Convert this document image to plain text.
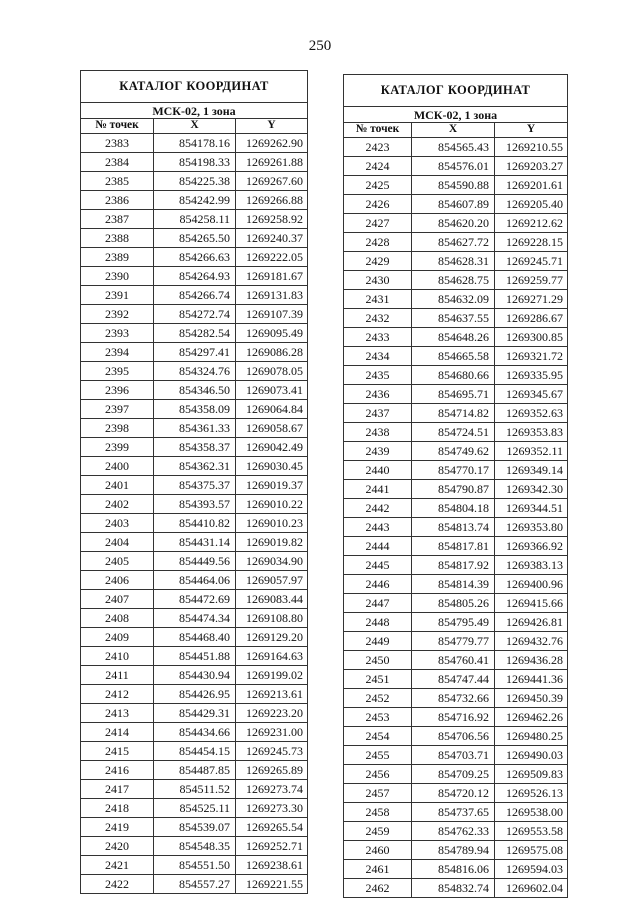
250
КАТАЛОГ КООРДИНАТ		
МСК-02, 1 зона		
№ точек	X	Y
2383	854178.16	1269262.90
2384	854198.33	1269261.88
2385	854225.38	1269267.60
2386	854242.99	1269266.88
2387	854258.11	1269258.92
2388	854265.50	1269240.37
2389	854266.63	1269222.05
2390	854264.93	1269181.67
2391	854266.74	1269131.83
2392	854272.74	1269107.39
2393	854282.54	1269095.49
2394	854297.41	1269086.28
2395	854324.76	1269078.05
2396	854346.50	1269073.41
2397	854358.09	1269064.84
2398	854361.33	1269058.67
2399	854358.37	1269042.49
2400	854362.31	1269030.45
2401	854375.37	1269019.37
2402	854393.57	1269010.22
2403	854410.82	1269010.23
2404	854431.14	1269019.82
2405	854449.56	1269034.90
2406	854464.06	1269057.97
2407	854472.69	1269083.44
2408	854474.34	1269108.80
2409	854468.40	1269129.20
2410	854451.88	1269164.63
2411	854430.94	1269199.02
2412	854426.95	1269213.61
2413	854429.31	1269223.20
2414	854434.66	1269231.00
2415	854454.15	1269245.73
2416	854487.85	1269265.89
2417	854511.52	1269273.74
2418	854525.11	1269273.30
2419	854539.07	1269265.54
2420	854548.35	1269252.71
2421	854551.50	1269238.61
2422	854557.27	1269221.55
КАТАЛОГ КООРДИНАТ		
МСК-02, 1 зона		
№ точек	X	Y
2423	854565.43	1269210.55
2424	854576.01	1269203.27
2425	854590.88	1269201.61
2426	854607.89	1269205.40
2427	854620.20	1269212.62
2428	854627.72	1269228.15
2429	854628.31	1269245.71
2430	854628.75	1269259.77
2431	854632.09	1269271.29
2432	854637.55	1269286.67
2433	854648.26	1269300.85
2434	854665.58	1269321.72
2435	854680.66	1269335.95
2436	854695.71	1269345.67
2437	854714.82	1269352.63
2438	854724.51	1269353.83
2439	854749.62	1269352.11
2440	854770.17	1269349.14
2441	854790.87	1269342.30
2442	854804.18	1269344.51
2443	854813.74	1269353.80
2444	854817.81	1269366.92
2445	854817.92	1269383.13
2446	854814.39	1269400.96
2447	854805.26	1269415.66
2448	854795.49	1269426.81
2449	854779.77	1269432.76
2450	854760.41	1269436.28
2451	854747.44	1269441.36
2452	854732.66	1269450.39
2453	854716.92	1269462.26
2454	854706.56	1269480.25
2455	854703.71	1269490.03
2456	854709.25	1269509.83
2457	854720.12	1269526.13
2458	854737.65	1269538.00
2459	854762.33	1269553.58
2460	854789.94	1269575.08
2461	854816.06	1269594.03
2462	854832.74	1269602.04
